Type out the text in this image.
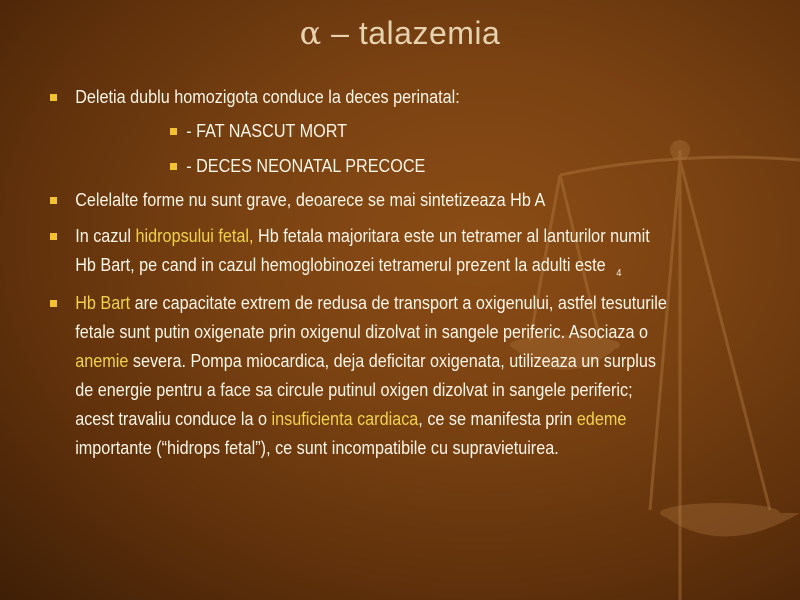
α – talazemia
Deletia dublu homozigota conduce la deces perinatal:
- FAT NASCUT MORT
- DECES NEONATAL PRECOCE
Celelalte forme nu sunt grave, deoarece se mai sintetizeaza Hb A
In cazul hidropsului fetal, Hb fetala majoritara este un tetramer al lanturilor numit
Hb Bart, pe cand in cazul hemoglobinozei tetramerul prezent la adulti este $_4$
Hb Bart are capacitate extrem de redusa de transport a oxigenului, astfel tesuturile
fetale sunt putin oxigenate prin oxigenul dizolvat in sangele periferic. Asociaza o
anemie severa. Pompa miocardica, deja deficitar oxigenata, utilizeaza un surplus
de energie pentru a face sa circule putinul oxigen dizolvat in sangele periferic;
acest travaliu conduce la o insuficienta cardiaca, ce se manifesta prin edeme
importante (“hidrops fetal”), ce sunt incompatibile cu supravietuirea.
